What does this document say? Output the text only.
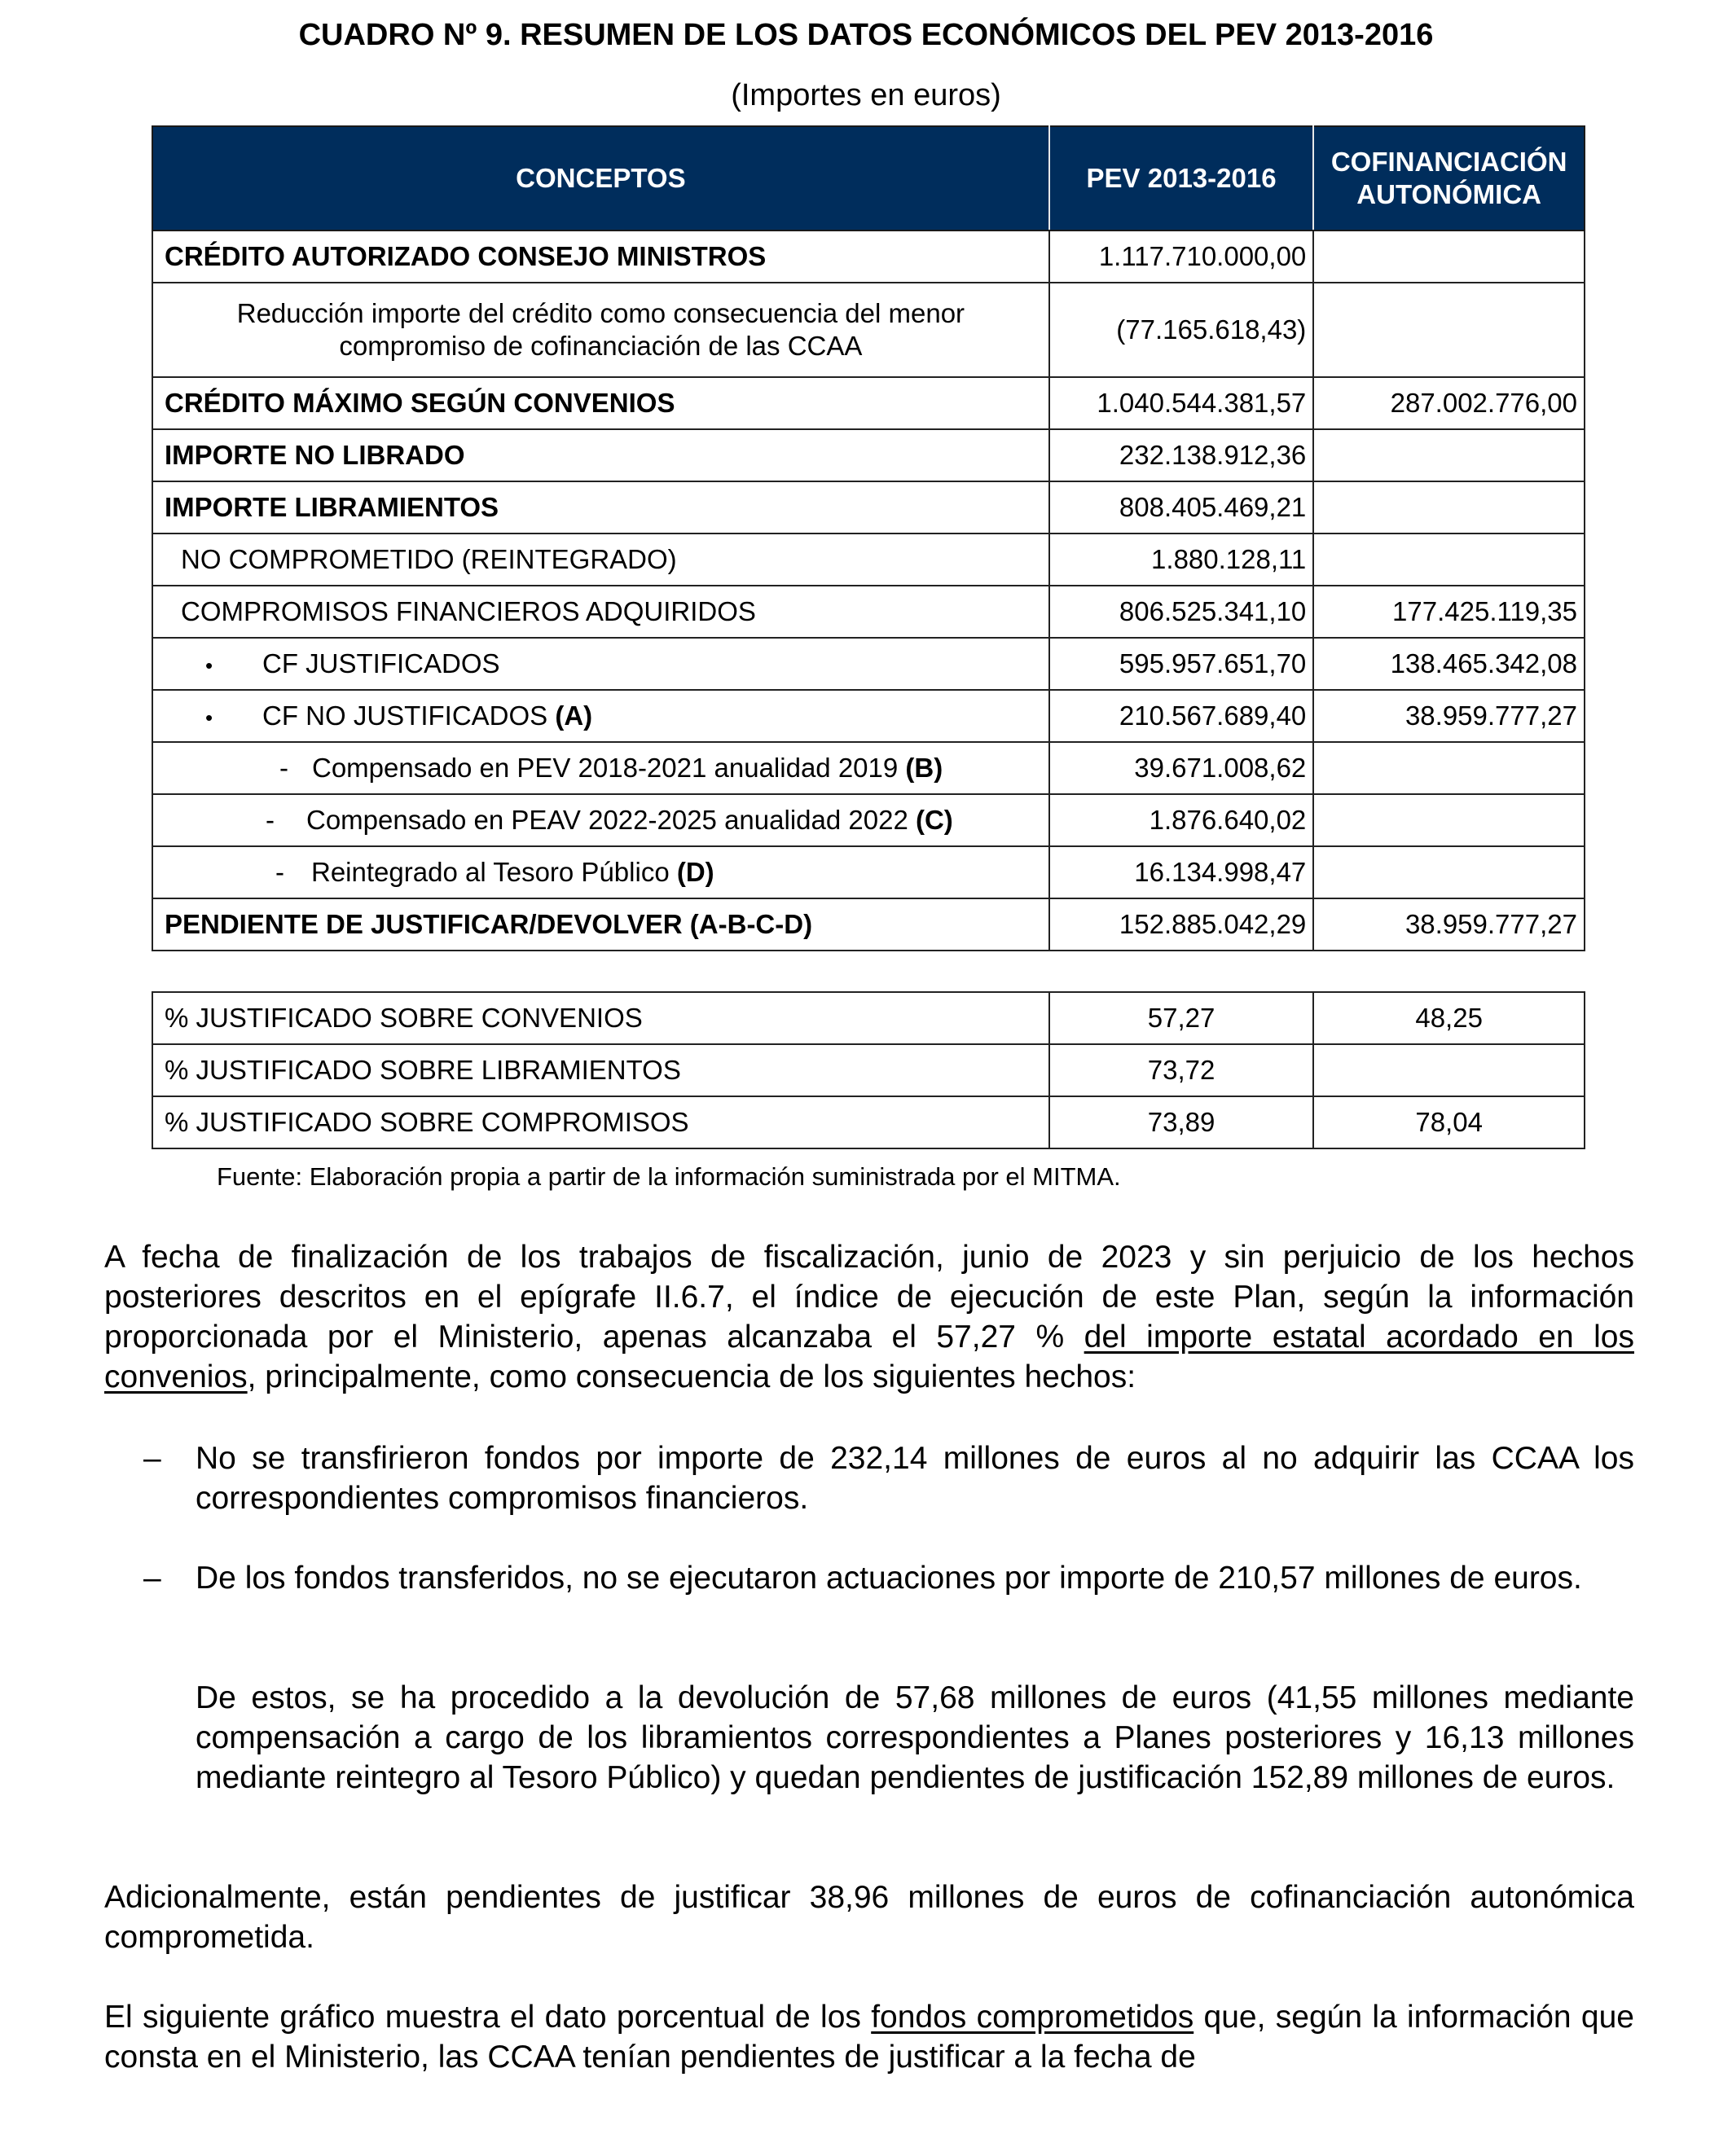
CUADRO Nº 9. RESUMEN DE LOS DATOS ECONÓMICOS DEL PEV 2013-2016
(Importes en euros)
CONCEPTOS	PEV 2013-2016	COFINANCIACIÓN AUTONÓMICA
CRÉDITO AUTORIZADO CONSEJO MINISTROS	1.117.710.000,00	
Reducción importe del crédito como consecuencia del menor compromiso de cofinanciación de las CCAA	(77.165.618,43)	
CRÉDITO MÁXIMO SEGÚN CONVENIOS	1.040.544.381,57	287.002.776,00
IMPORTE NO LIBRADO	232.138.912,36	
IMPORTE LIBRAMIENTOS	808.405.469,21	
NO COMPROMETIDO (REINTEGRADO)	1.880.128,11	
COMPROMISOS FINANCIEROS ADQUIRIDOS	806.525.341,10	177.425.119,35
• CF JUSTIFICADOS	595.957.651,70	138.465.342,08
• CF NO JUSTIFICADOS (A)	210.567.689,40	38.959.777,27
- Compensado en PEV 2018-2021 anualidad 2019 (B)	39.671.008,62	
- Compensado en PEAV 2022-2025 anualidad 2022 (C)	1.876.640,02	
- Reintegrado al Tesoro Público (D)	16.134.998,47	
PENDIENTE DE JUSTIFICAR/DEVOLVER (A-B-C-D)	152.885.042,29	38.959.777,27
% JUSTIFICADO SOBRE CONVENIOS	57,27	48,25
% JUSTIFICADO SOBRE LIBRAMIENTOS	73,72	
% JUSTIFICADO SOBRE COMPROMISOS	73,89	78,04
Fuente: Elaboración propia a partir de la información suministrada por el MITMA.

A fecha de finalización de los trabajos de fiscalización, junio de 2023 y sin perjuicio de los hechos posteriores descritos en el epígrafe II.6.7, el índice de ejecución de este Plan, según la información proporcionada por el Ministerio, apenas alcanzaba el 57,27 % del importe estatal acordado en los convenios, principalmente, como consecuencia de los siguientes hechos:

– No se transfirieron fondos por importe de 232,14 millones de euros al no adquirir las CCAA los correspondientes compromisos financieros.

– De los fondos transferidos, no se ejecutaron actuaciones por importe de 210,57 millones de euros.

De estos, se ha procedido a la devolución de 57,68 millones de euros (41,55 millones mediante compensación a cargo de los libramientos correspondientes a Planes posteriores y 16,13 millones mediante reintegro al Tesoro Público) y quedan pendientes de justificación 152,89 millones de euros.

Adicionalmente, están pendientes de justificar 38,96 millones de euros de cofinanciación autonómica comprometida.

El siguiente gráfico muestra el dato porcentual de los fondos comprometidos que, según la información que consta en el Ministerio, las CCAA tenían pendientes de justificar a la fecha de
